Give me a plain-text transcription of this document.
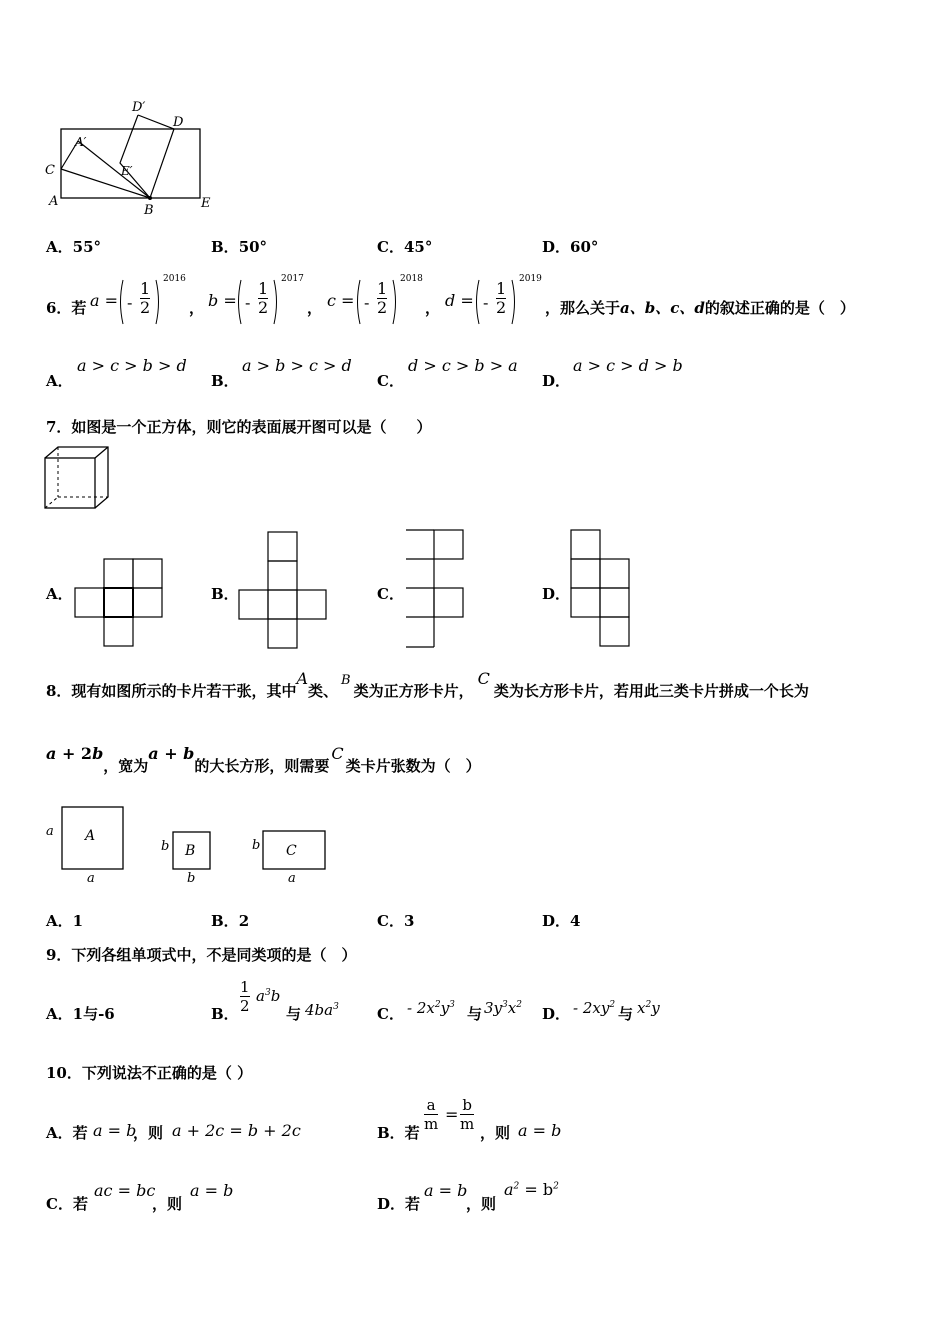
D′
D
A′
C	E′
A
B	E
A．55°	B．50°	C．45°	D．60°
6．若 a = - $\frac{1}{2}$
2016
， b = - $\frac{1}{2}$
2017
， c = - $\frac{1}{2}$
2018
， d = - $\frac{1}{2}$
2019
，那么关于a、b、c、d的叙述正确的是（　）
A．
a > c > b > d
B．
a > b > c > d
C．
d > c > b > a
D．
a > c > d > b
7．如图是一个正方体，则它的表面展开图可以是（　　）
A．	B．	C．	D．
8．现有如图所示的卡片若干张，其中A类、B类为正方形卡片，C类为长方形卡片，若用此三类卡片拼成一个长为
a + 2b，宽为a + b的大长方形，则需要C类卡片张数为（　）
A
a
a
B
b
b
C
b
a
A．1	B．2	C．3	D．4
9．下列各组单项式中，不是同类项的是（　）
A．1与-6	B． $\frac{1}{2} a^3b$
与 $4ba^3$	C． - $2x^2y^3$ 与 $3y^3x^2$ D． - $2xy^2$ 与 $x^2y$
10．下列说法不正确的是（ ）
A．若 a = b
，则 a + 2c = b + 2c	B．若 $\frac{a}{m} = \frac{b}{m}$ ，则 a = b
C．若
ac = bc
，则
a = b
D．若
a = b
，则
$a^2 = b^2$
